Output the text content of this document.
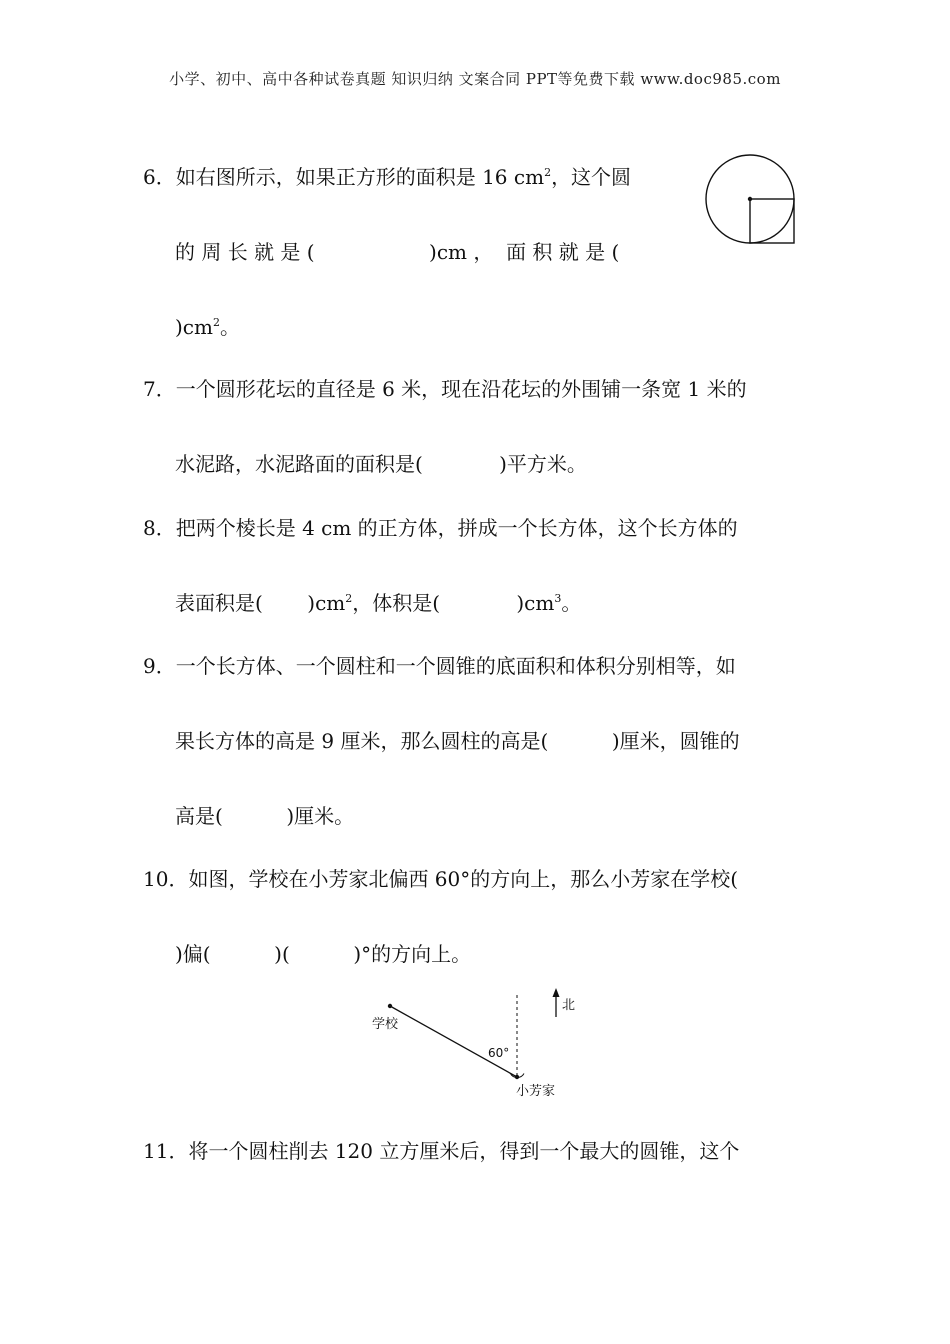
小学、初中、高中各种试卷真题 知识归纳 文案合同 PPT等免费下载 www.doc985.com
6．如右图所示，如果正方形的面积是 16 $cm^2$，这个圆
的 周 长 就 是 (                  )cm ，  面 积 就 是 (
)$cm^2$。
7．一个圆形花坛的直径是 6 米，现在沿花坛的外围铺一条宽 1 米的
水泥路，水泥路面的面积是(            )平方米。
8．把两个棱长是 4 cm 的正方体，拼成一个长方体，这个长方体的
表面积是(       )$cm^2$，体积是(            )$cm^3$。
9．一个长方体、一个圆柱和一个圆锥的底面积和体积分别相等，如
果长方体的高是 9 厘米，那么圆柱的高是(          )厘米，圆锥的
高是(          )厘米。
10．如图，学校在小芳家北偏西 60°的方向上，那么小芳家在学校(
)偏(          )(          )°的方向上。
学校
小芳家
北
60°
11．将一个圆柱削去 120 立方厘米后，得到一个最大的圆锥，这个
